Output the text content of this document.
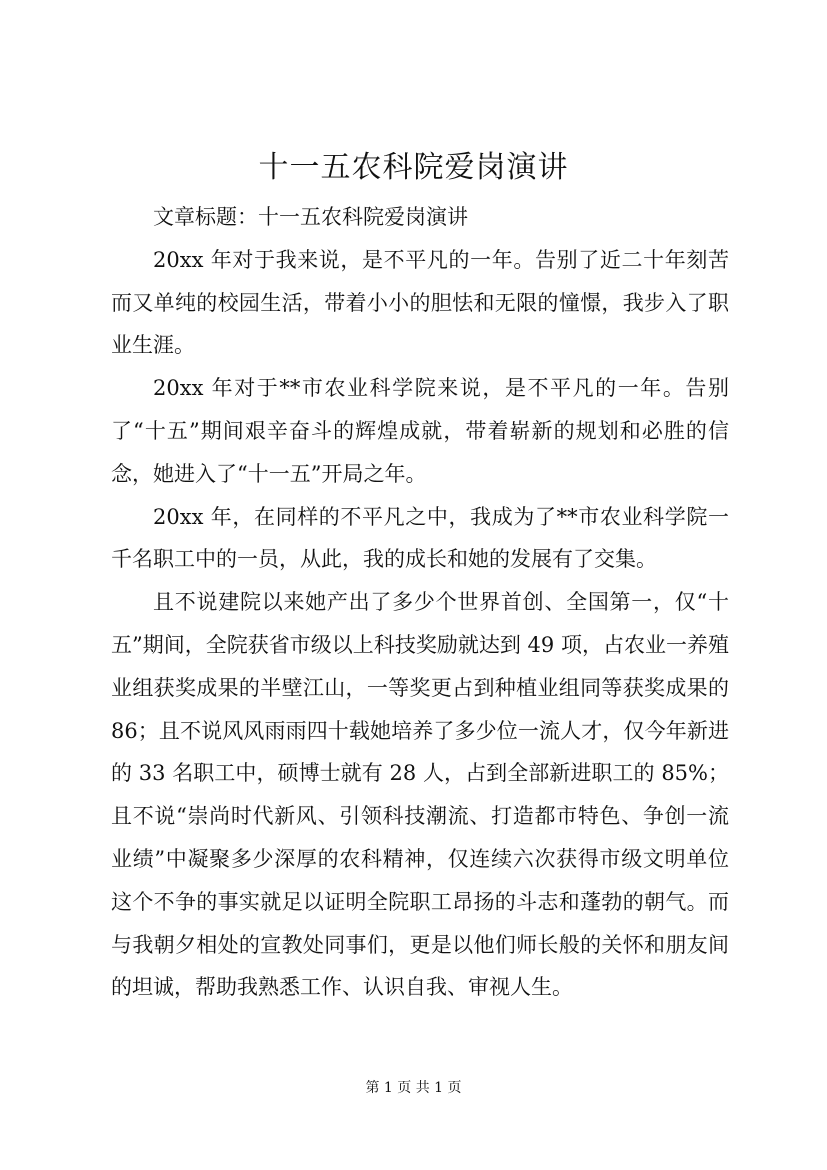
十一五农科院爱岗演讲

文章标题：十一五农科院爱岗演讲

20xx 年对于我来说，是不平凡的一年。告别了近二十年刻苦而又单纯的校园生活，带着小小的胆怯和无限的憧憬，我步入了职业生涯。

20xx 年对于**市农业科学院来说，是不平凡的一年。告别了“十五”期间艰辛奋斗的辉煌成就，带着崭新的规划和必胜的信念，她进入了“十一五”开局之年。

20xx 年，在同样的不平凡之中，我成为了**市农业科学院一千名职工中的一员，从此，我的成长和她的发展有了交集。

且不说建院以来她产出了多少个世界首创、全国第一，仅“十五”期间，全院获省市级以上科技奖励就达到 49 项，占农业一养殖业组获奖成果的半壁江山，一等奖更占到种植业组同等获奖成果的 86；且不说风风雨雨四十载她培养了多少位一流人才，仅今年新进的 33 名职工中，硕博士就有 28 人，占到全部新进职工的 85%；且不说“崇尚时代新风、引领科技潮流、打造都市特色、争创一流业绩”中凝聚多少深厚的农科精神，仅连续六次获得市级文明单位这个不争的事实就足以证明全院职工昂扬的斗志和蓬勃的朝气。而与我朝夕相处的宣教处同事们，更是以他们师长般的关怀和朋友间的坦诚，帮助我熟悉工作、认识自我、审视人生。

第 1 页 共 1 页
